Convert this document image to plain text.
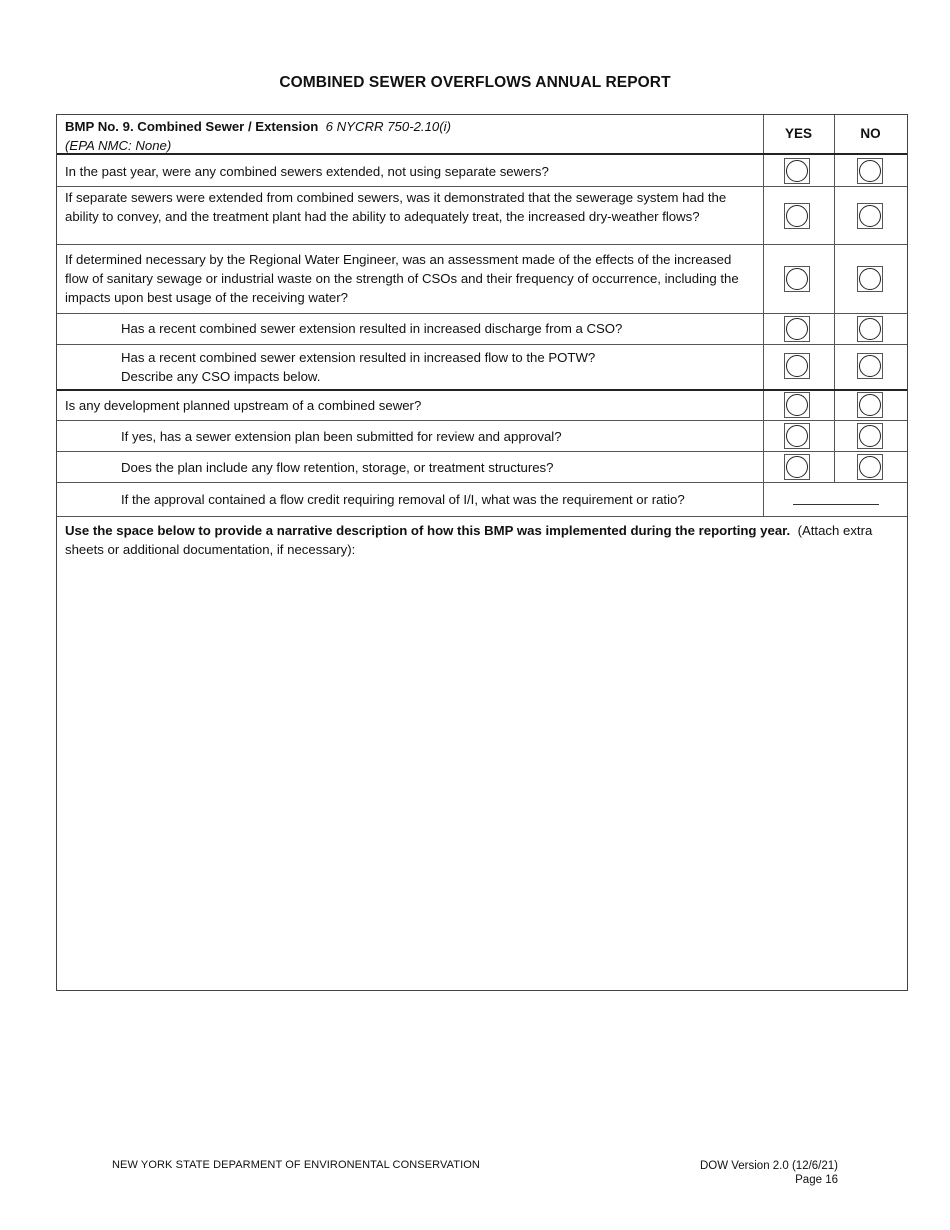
COMBINED SEWER OVERFLOWS ANNUAL REPORT
BMP No. 9. Combined Sewer / Extension 6 NYCRR 750-2.10(i)
(EPA NMC: None)
YES	NO
In the past year, were any combined sewers extended, not using separate sewers?
If separate sewers were extended from combined sewers, was it demonstrated that the sewerage system had the ability to convey, and the treatment plant had the ability to adequately treat, the increased dry-weather flows?
If determined necessary by the Regional Water Engineer, was an assessment made of the effects of the increased flow of sanitary sewage or industrial waste on the strength of CSOs and their frequency of occurrence, including the impacts upon best usage of the receiving water?
Has a recent combined sewer extension resulted in increased discharge from a CSO?
Has a recent combined sewer extension resulted in increased flow to the POTW?
Describe any CSO impacts below.
Is any development planned upstream of a combined sewer?
If yes, has a sewer extension plan been submitted for review and approval?
Does the plan include any flow retention, storage, or treatment structures?
If the approval contained a flow credit requiring removal of I/I, what was the requirement or ratio?
Use the space below to provide a narrative description of how this BMP was implemented during the reporting year. (Attach extra sheets or additional documentation, if necessary):
NEW YORK STATE DEPARMENT OF ENVIRONENTAL CONSERVATION	DOW Version 2.0 (12/6/21)
Page 16
